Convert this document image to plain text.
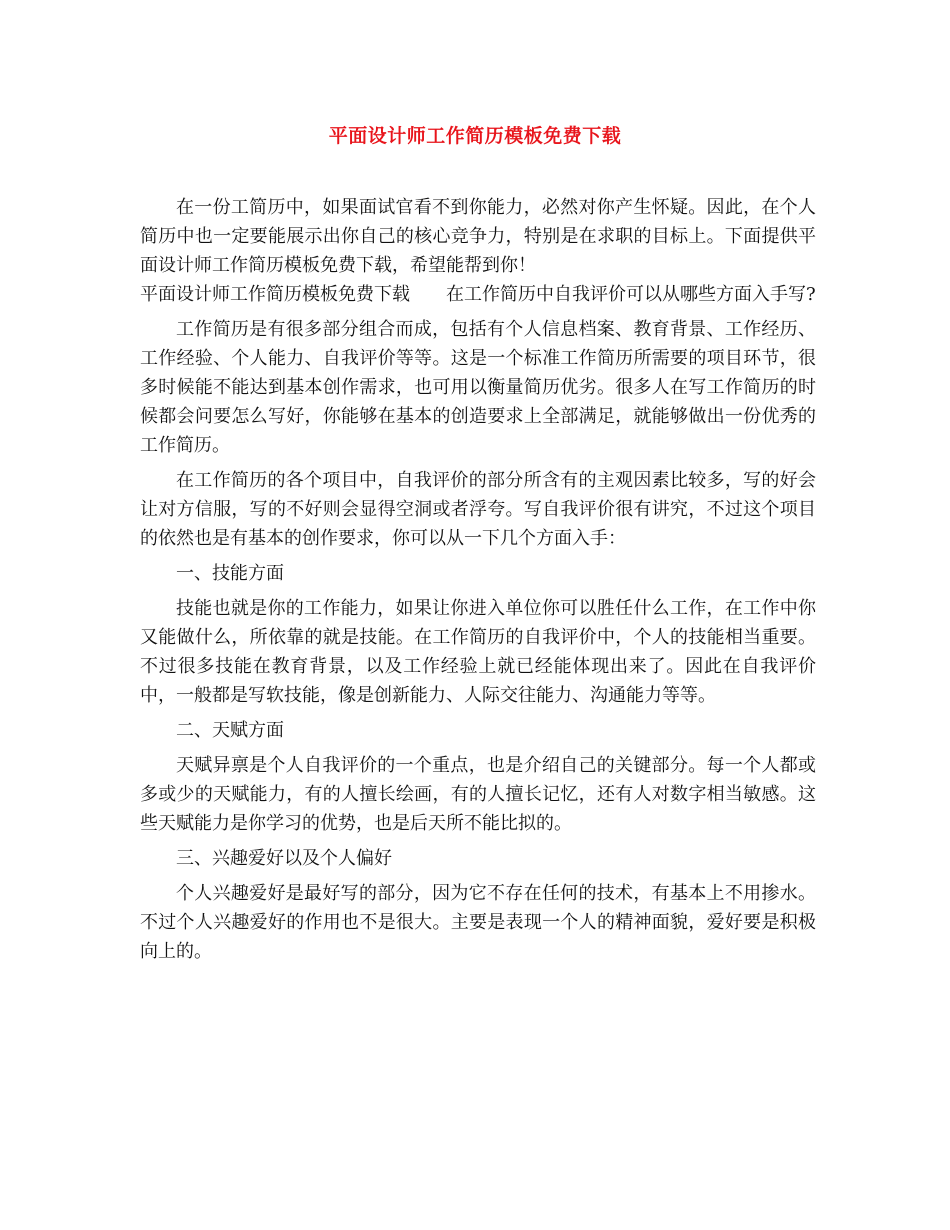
平面设计师工作简历模板免费下载

在一份工简历中，如果面试官看不到你能力，必然对你产生怀疑。因此，在个人简历中也一定要能展示出你自己的核心竞争力，特别是在求职的目标上。下面提供平面设计师工作简历模板免费下载，希望能帮到你！

平面设计师工作简历模板免费下载 在工作简历中自我评价可以从哪些方面入手写?

工作简历是有很多部分组合而成，包括有个人信息档案、教育背景、工作经历、工作经验、个人能力、自我评价等等。这是一个标准工作简历所需要的项目环节，很多时候能不能达到基本创作需求，也可用以衡量简历优劣。很多人在写工作简历的时候都会问要怎么写好，你能够在基本的创造要求上全部满足，就能够做出一份优秀的工作简历。

在工作简历的各个项目中，自我评价的部分所含有的主观因素比较多，写的好会让对方信服，写的不好则会显得空洞或者浮夸。写自我评价很有讲究，不过这个项目的依然也是有基本的创作要求，你可以从一下几个方面入手：

一、技能方面

技能也就是你的工作能力，如果让你进入单位你可以胜任什么工作，在工作中你又能做什么，所依靠的就是技能。在工作简历的自我评价中，个人的技能相当重要。不过很多技能在教育背景，以及工作经验上就已经能体现出来了。因此在自我评价中，一般都是写软技能，像是创新能力、人际交往能力、沟通能力等等。

二、天赋方面

天赋异禀是个人自我评价的一个重点，也是介绍自己的关键部分。每一个人都或多或少的天赋能力，有的人擅长绘画，有的人擅长记忆，还有人对数字相当敏感。这些天赋能力是你学习的优势，也是后天所不能比拟的。

三、兴趣爱好以及个人偏好

个人兴趣爱好是最好写的部分，因为它不存在任何的技术，有基本上不用掺水。不过个人兴趣爱好的作用也不是很大。主要是表现一个人的精神面貌，爱好要是积极向上的。
